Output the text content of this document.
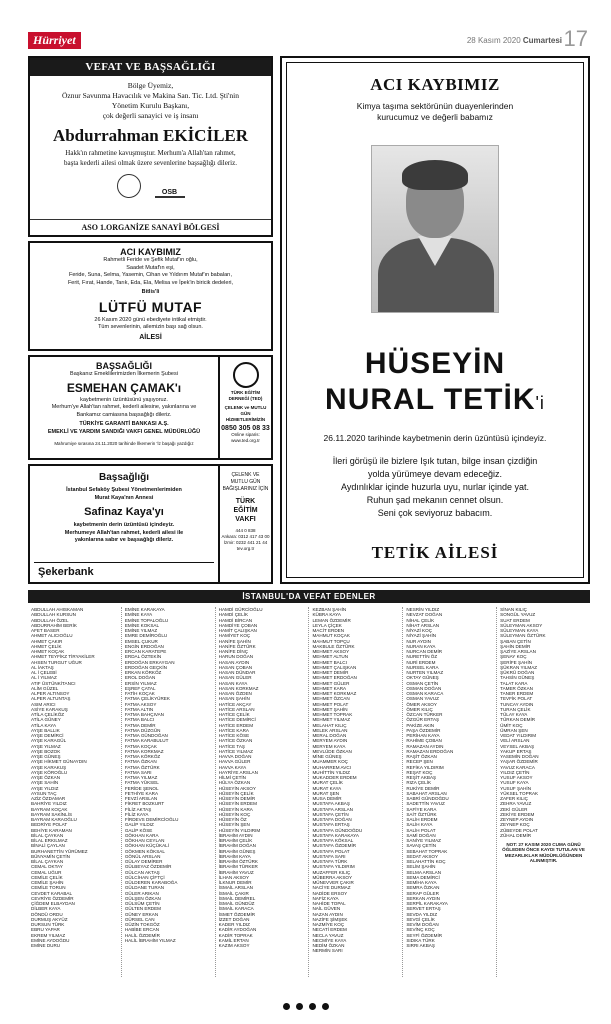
Hürriyet	28 Kasım 2020 Cumartesi 17
VEFAT VE BAŞSAĞLIĞI
Bölge Üyemiz,
Öznur Savunma Havacılık ve Makina San. Tic. Ltd. Şti'nin
Yönetim Kurulu Başkanı,
çok değerli sanayici ve iş insanı
Abdurrahman EKİCİLER
Hakk'ın rahmetine kavuşmuştur. Merhum'a Allah'tan rahmet,
başta kederli ailesi olmak üzere sevenlerine başsağlığı dileriz.
OSB
ASO 1.ORGANİZE SANAYİ BÖLGESİ
ACI KAYBIMIZ
Rahmetli Feride ve Şefik Mutaf'ın oğlu,
Saadet Mutaf'ın eşi,
Feride, Suna, Selma, Yasemin, Cihan ve Yıldırım Mutaf'ın babaları,
Ferit, Fırat, Hande, Tarık, Eda, Ela, Melisa ve İpek'in biricik dedeleri,
Bitlis'li
LÜTFÜ MUTAF
26 Kasım 2020 günü ebediyete intikal etmiştir.
Tüm sevenlerinin, ailemizin başı sağ olsun.
AİLESİ
BAŞSAĞLIĞI
Başkanız Emeklilerimizden İlkemerin Şubesi
ESMEHAN ÇAMAK'ı
kaybetmenin üzüntüsünü yaşıyoruz.
Merhum'ye Allah'tan rahmet, kederli ailesine, yakınlarına ve
Bankamız camiasına başsağlığı dileriz.
TÜRKİYE GARANTİ BANKASI A.Ş.
EMEKLİ VE YARDIM SANDIĞI VAKFI GENEL MÜDÜRLÜĞÜ
Mahrumiye sırasına 24.11.2020 tarihinde İlkemerin 'İz başağı yazdığız
TÜRK EĞİTİM
DERNEĞİ (TED)
ÇELENK ve MUTLU GÜN
HİZMETLERİMİZİN
0850 305 08 33
Online siparis: www.ted.org.tr
Başsağlığı
İstanbul Sefaköy Şubesi Yönetmenlerimiden
Murat Kaya'nın Annesi
Safinaz Kaya'yı
kaybetmenin derin üzüntüsü içindeyiz.
Merhumeye Allah'tan rahmet, kederli ailesi ile
yakınlarına sabır ve başsağlığı dileriz.
Şekerbank
ÇELENK VE
MUTLU GÜN
BAĞIŞLARINIZ İÇİN
TÜRK
EĞİTİM
VAKFI
444 0 838
Ankara: 0312 417 43 00
İzmir: 0232 441 21 44
tev.org.tr
ACI KAYBIMIZ
Kimya taşıma sektörünün duayenlerinden
kurucumuz ve değerli babamız
HÜSEYİN
NURAL TETİK'i
26.11.2020 tarihinde kaybetmenin derin üzüntüsü içindeyiz.
İleri görüşü ile bizlere Işık tutan, bilge insan çizdiğin
yolda yürümeye devam edeceğiz.
Aydınlıklar içinde huzurla uyu, nurlar içinde yat.
Ruhun şad mekanın cennet olsun.
Seni çok seviyoruz babacım.
TETİK AİLESİ
İSTANBUL'DA VEFAT EDENLER
ABDULLAH AHISKAMAN
ABDULLAH KURSUN
ABDULLAH ÖZEL
ABDURRAHİM BERİK
AFET BASER
AHMET ALICIOĞLU
AHMET ÇAKIR
AHMET ÇELİK
AHMET KOÇAK
AHMET TEYFİKZ TİRYAKİLER
AHSEN TURGUT UĞUR
AL İAKTAŞ
AL İ ÇELEBİ
AL İ YILMAZ
ATIF ÜSTÜNKİTANCI
ALİM GÜZEL
ALPER ALTINSOY
ALPER ALTUNTAŞ
ASIM ARICI
ASİYE KARAKUŞ
ATİLA ÇELİKÖZ
ATİLA GÜNEY
ATİLA KAYA
AYŞE BALLIK
AYŞE DEMİRCİ
AYŞE KARAGÜL
AYŞE YILMAZ
AYŞE BOZOK
AYŞE GÜNEŞ
AYŞE HİKMET GÜNAYDIN
AYŞE KARAKUŞ
AYŞE KÖROĞLU
AYŞE ÖZKAN
AYŞE SAHİN
AYŞE YILDIZ
AYSUN TAÇ
AZİZ ÖZDAMAR
BAHRİYE YILDIZ
BAYRAM KOÇAK
BAYRAM SAKİNLİS
BAYRAM KARAOĞLU
BEDRİYE POLAT
BEHİYE KARAMAN
BİLAL ÇAYKAN
BİLAL ERKILMAZ
BİNALİ ÇAYLAN
BURHANETTİN YÜRÜMEZ
BÜNYAMİN ÇETİN
BİLAL ÇAYKAN
CEMAL OKTAY
CEMAL UĞUR
CEMİLE ÇELİK
CEMİLE ŞAHİN
CEMİLE TORUN
CEVDET KARABAL
CEVRİYE ÖZDEMİR
ÇİĞDEM ELBAYDAN
DİLBER KAYA
DÖNDÜ ORDU
DURMUŞ AKYÜZ
DURSUN TÜRK
EBRU YAPAR
EKREM YILMAZ
EMİNE AYDOĞDU
EMİNE DURU
EMİNE KARAKAYA
EMİNE KAYA
EMİNE TOPALOĞLU
EMİNE KOKSAL
EMİNE YILMAZ
EMRE DEMİROĞLU
EMSEL ÇUKUR
ENGİN ERDOĞAN
ERCAN KARATEPE
ERDAL ÖZTEKİN
ERDOĞAN ERKAYGAN
ERDOĞAN GEÇKİN
ERKAN KÖRKÖZ
EROL DOĞAN
ERSİN YILMAZ
EŞREF ÇATAL
FATİH KOÇAK
FATMA ÇELİKYÜREK
FATMA AKSOY
FATMA ALTIN
FATMA BAHÇIVAN
FATMA BALCI
FATMA DEMİR
FATMA DÜZGÜN
FATMA GÜNDOĞAN
FATMA KARABULUT
FATMA KOÇAK
FATMA KORKMAZ
FATMA KÖRKÖZ
FATMA ÖZKAN
FATMA ÖZTÜRK
FATMA SARI
FATMA YILMAZ
FATMA YÜKSEL
FERİDE ŞENOL
FETHİYE KARA
FEVZİ ARSLAN
FİKRET BOZKURT
FİLİZ AKTAŞ
FİLİZ KAYA
FİRDEVS DEMİRCİOĞLU
GALİP YILDIZ
GALİP KÖSE
GÖKHAN KARA
GÖKHAN CEYLAN
GÖKHAN KÜÇÜKALİ
GÖKMEN KÖKSAL
GÖNÜL ARSLAN
GÜLAY DEMİRER
GÜLBEYAZ ÖZDEMİR
GÜLCAN AKTAŞ
GÜLCİHAN ÇİFTÇİ
GÜLDEREN KARABOĞA
GÜLDANE TURAN
GÜLER ARIKAN
GÜLŞEN ÖZKAN
GÜLSÜM ÇETİN
GÜLTEN ERDEM
GÜNEY ERKAN
GÜRSEL CAN
GÜZİN TOKGÖZ
HABİBE ERCAN
HALİL ÖZDEMİR
HALİL İBRAHİM YILMAZ
HAMDİ GÜRCİOĞLU
HAMDİ ÇELİK
HAMDİ BİRCAN
HAMDİYE ÇOBAN
HAMİT ÇALIŞKAN
HAMİYET KOÇ
HANİFE ŞAHİN
HANİFE ÖZTÜRK
HANİFE DİNÇ
HARUN DOĞAN
HASAN AYDIN
HASAN ÇOBAN
HASAN DÜNDAR
HASAN GÜLER
HASAN KAYA
HASAN KORKMAZ
HASAN ÖZDEN
HASAN ŞAHİN
HATİCE AKÇAY
HATİCE ARSLAN
HATİCE ÇELİK
HATİCE DEMİRCİ
HATİCE ERDEM
HATİCE KARA
HATİCE KÖSE
HATİCE ÖZKAN
HATİCE TAŞ
HATİCE YILMAZ
HAVVA DOĞAN
HAVVA GÜLER
HAVVA KAYA
HAYRİYE ARSLAN
HİLMİ ÇETİN
HÜLYA ÖZKAN
HÜSEYİN AKSOY
HÜSEYİN ÇELİK
HÜSEYİN DEMİR
HÜSEYİN ERDEM
HÜSEYİN KARA
HÜSEYİN KOÇ
HÜSEYİN ÖZ
HÜSEYİN ŞEN
HÜSEYİN YILDIRIM
İBRAHİM AYDIN
İBRAHİM ÇELİK
İBRAHİM DOĞAN
İBRAHİM GÜNEŞ
İBRAHİM KAYA
İBRAHİM ÖZTÜRK
İBRAHİM TÜRKER
İBRAHİM YAVUZ
İLHAN AKSOY
İLKNUR DEMİR
İSMAİL ARSLAN
İSMAİL ÇAKIR
İSMAİL DEMİREL
İSMAİL GÜNDÜZ
İSMAİL KARACA
İSMET ÖZDEMİR
İZZET DOĞAN
KADER YILDIZ
KADİR AYDOĞAN
KADİR TOPRAK
KAMİL ERTAN
KAZIM AKSOY
KEZBAN ŞAHİN
KÜBRA KAYA
LEMAN ÖZDEMİR
LEYLA ÇİÇEK
MACİT ERDEN
MAHMUT KOÇAK
MAHMUT TOPÇU
MAKBULE ÖZTÜRK
MEHMET AKSOY
MEHMET ALTUN
MEHMET BALCI
MEHMET ÇALIŞKAN
MEHMET DEMİR
MEHMET ERDOĞAN
MEHMET GÜLER
MEHMET KARA
MEHMET KORKMAZ
MEHMET ÖZCAN
MEHMET POLAT
MEHMET ŞAHİN
MEHMET TOPRAK
MEHMET YILMAZ
MELAHAT KILIÇ
MELEK ARSLAN
MERAL DOĞAN
MERYEM AYDIN
MERYEM KAYA
MEVLÜDE ÖZKAN
MİNE GÜNEŞ
MUAMMER KOÇ
MUHARREM AVCI
MUHİTTİN YILDIZ
MUKADDER ERDEM
MURAT ÇELİK
MURAT KAYA
MURAT ŞEN
MUSA DEMİR
MUSTAFA AKBAŞ
MUSTAFA ARSLAN
MUSTAFA ÇETİN
MUSTAFA DOĞAN
MUSTAFA ERTAŞ
MUSTAFA GÜNDOĞDU
MUSTAFA KARAKAYA
MUSTAFA KÖKSAL
MUSTAFA ÖZDEMİR
MUSTAFA POLAT
MUSTAFA SARI
MUSTAFA TÜRK
MUSTAFA YILDIRIM
MUZAFFER KILIÇ
MÜBERRA AKSOY
MÜNEVVER ÇAKIR
NACİYE DURMAZ
NADİDE ERSOY
NAFİZ KAYA
NAHİDE TOPAL
NAİL GÜVEN
NAZAN AYDIN
NAZİFE ŞİMŞEK
NAZMİYE KOÇ
NECATİ ERDEM
NECLA YAVUZ
NECMİYE KAYA
NEDİM ÖZKAN
NERMİN SARI
NESRİN YILDIZ
NEVZAT DOĞAN
NİHAL ÇELİK
NİHAT ARSLAN
NİYAZİ KOÇ
NİYAZİ ŞAHİN
NUR AYDIN
NURAN KAYA
NURCAN DEMİR
NURETTİN ÖZ
NURİ ERDEM
NURSEL KARA
NURTEN YILMAZ
OKTAY GÜNEŞ
OSMAN ÇETİN
OSMAN DOĞAN
OSMAN KARACA
OSMAN YAVUZ
ÖMER AKSOY
ÖMER KILIÇ
ÖZCAN TÜRKER
ÖZGÜR ERTAŞ
PAKİZE AKIN
PAŞA ÖZDEMİR
PERİHAN KAYA
RAHİME ÇOBAN
RAMAZAN AYDIN
RAMAZAN ERDOĞAN
RAŞİT ÖZKAN
RECEP ŞEN
REFİKA YILDIRIM
REŞAT KOÇ
REŞİT AKBAŞ
RIZA ÇELİK
RUKİYE DEMİR
SABAHAT ARSLAN
SABRİ GÜNDOĞDU
SADETTİN YAVUZ
SAFİYE KARA
SAİT ÖZTÜRK
SALİH ERDEM
SALİH KAYA
SALİH POLAT
SAMİ DOĞAN
SANİYE YILMAZ
SAVAŞ ÇETİN
SEBAHAT TOPRAK
SEDAT AKSOY
SELAHATTİN KOÇ
SELİM ŞAHİN
SELMA ARSLAN
SEMA DEMİRCİ
SEMİHA KAYA
SEMRA ÖZKAN
SERAP GÜLER
SERKAN AYDIN
SERPİL KARAKAYA
SERVET ERTAŞ
SEVDA YILDIZ
SEVGİ ÇELİK
SEVİM DOĞAN
SEVİNÇ KOÇ
SEYFİ ÖZDEMİR
SIDIKA TÜRK
SIRRI AKBAŞ
SİNAN KILIÇ
SONGÜL YAVUZ
SUAT ERDEM
SÜLEYMAN AKSOY
SÜLEYMAN KAYA
SÜLEYMAN ÖZTÜRK
ŞABAN ÇETİN
ŞAHİN DEMİR
ŞAZİYE ARSLAN
ŞENAY KOÇ
ŞERİFE ŞAHİN
ŞÜKRAN YILMAZ
ŞÜKRÜ DOĞAN
TAHSİN GÜNEŞ
TALAT KARA
TAMER ÖZKAN
TANER ERDEM
TEVFİK POLAT
TUNCAY AYDIN
TURAN ÇELİK
TÜLAY KAYA
TÜRKAN DEMİR
ÜMİT KOÇ
ÜMRAN ŞEN
VEDAT YILDIRIM
VELİ ARSLAN
VEYSEL AKBAŞ
YAKUP ERTAŞ
YASEMİN DOĞAN
YAŞAR ÖZDEMİR
YAVUZ KARACA
YILDIZ ÇETİN
YUSUF AKSOY
YUSUF KAYA
YUSUF ŞAHİN
YÜKSEL TOPRAK
ZAFER KILIÇ
ZEHRA YAVUZ
ZEKİ GÜLER
ZEKİYE ERDEM
ZEYNEP AYDIN
ZEYNEP KOÇ
ZÜBEYDE POLAT
ZÜHAL DEMİR
NOT: 27 KASIM 2020 CUMA GÜNÜ ÖĞLEDEN ÖNCE KAYDI TUTULAN VE MEZARLIKLAR MÜDÜRLÜĞÜNDEN ALINMIŞTIR.
